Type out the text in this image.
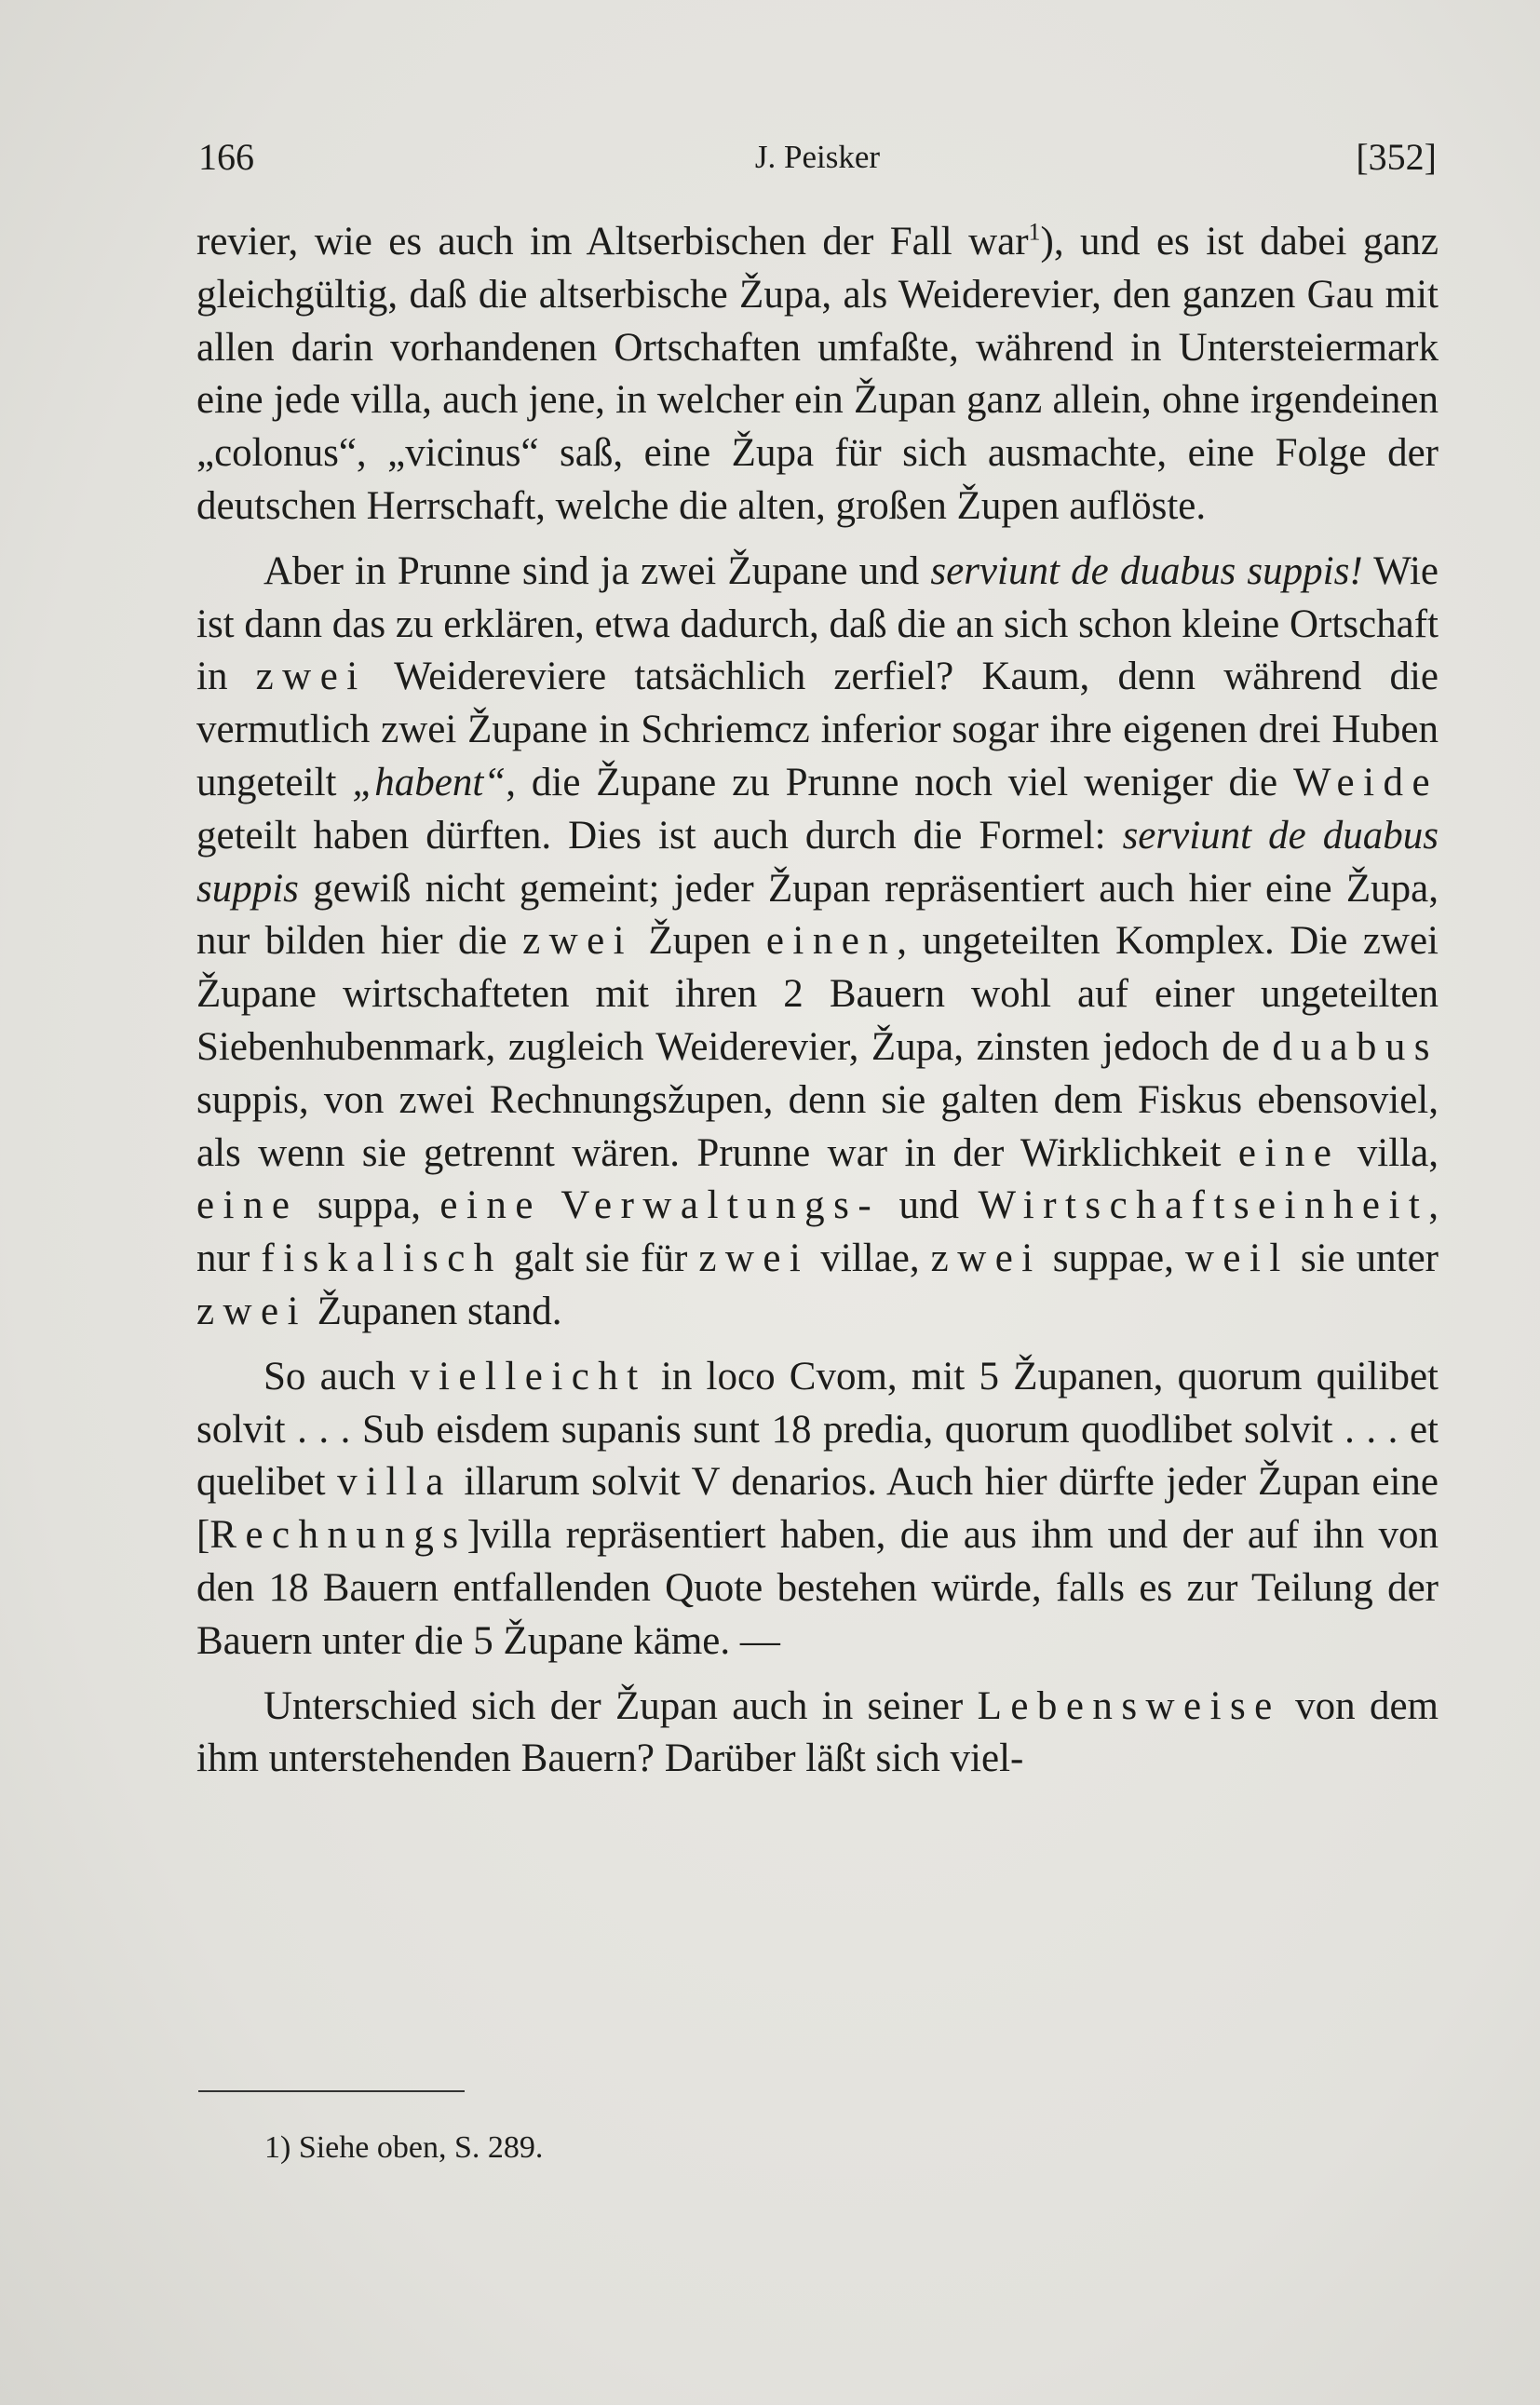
166	J. Peisker	[352]

revier, wie es auch im Altserbischen der Fall war$^1$), und es ist dabei ganz gleichgültig, daß die altserbische Župa, als Weiderevier, den ganzen Gau mit allen darin vorhandenen Ortschaften umfaßte, während in Untersteiermark eine jede villa, auch jene, in welcher ein Župan ganz allein, ohne irgendeinen „colonus“, „vicinus“ saß, eine Župa für sich ausmachte, eine Folge der deutschen Herrschaft, welche die alten, großen Župen auflöste.

Aber in Prunne sind ja zwei Župane und serviunt de duabus suppis! Wie ist dann das zu erklären, etwa dadurch, daß die an sich schon kleine Ortschaft in zwei Weidereviere tatsächlich zerfiel? Kaum, denn während die vermutlich zwei Župane in Schriemcz inferior sogar ihre eigenen drei Huben ungeteilt „habent“, die Župane zu Prunne noch viel weniger die Weide geteilt haben dürften. Dies ist auch durch die Formel: serviunt de duabus suppis gewiß nicht gemeint; jeder Župan repräsentiert auch hier eine Župa, nur bilden hier die zwei Župen einen, ungeteilten Komplex. Die zwei Župane wirtschafteten mit ihren 2 Bauern wohl auf einer ungeteilten Siebenhubenmark, zugleich Weiderevier, Župa, zinsten jedoch de duabus suppis, von zwei Rechnungsžupen, denn sie galten dem Fiskus ebensoviel, als wenn sie getrennt wären. Prunne war in der Wirklichkeit eine villa, eine suppa, eine Verwaltungs- und Wirtschaftseinheit, nur fiskalisch galt sie für zwei villae, zwei suppae, weil sie unter zwei Županen stand.

So auch vielleicht in loco Cvom, mit 5 Županen, quorum quilibet solvit . . . Sub eisdem supanis sunt 18 predia, quorum quodlibet solvit . . . et quelibet villa illarum solvit V denarios. Auch hier dürfte jeder Župan eine [Rechnungs]villa repräsentiert haben, die aus ihm und der auf ihn von den 18 Bauern entfallenden Quote bestehen würde, falls es zur Teilung der Bauern unter die 5 Župane käme. —

Unterschied sich der Župan auch in seiner Lebensweise von dem ihm unterstehenden Bauern? Darüber läßt sich viel-

1) Siehe oben, S. 289.
